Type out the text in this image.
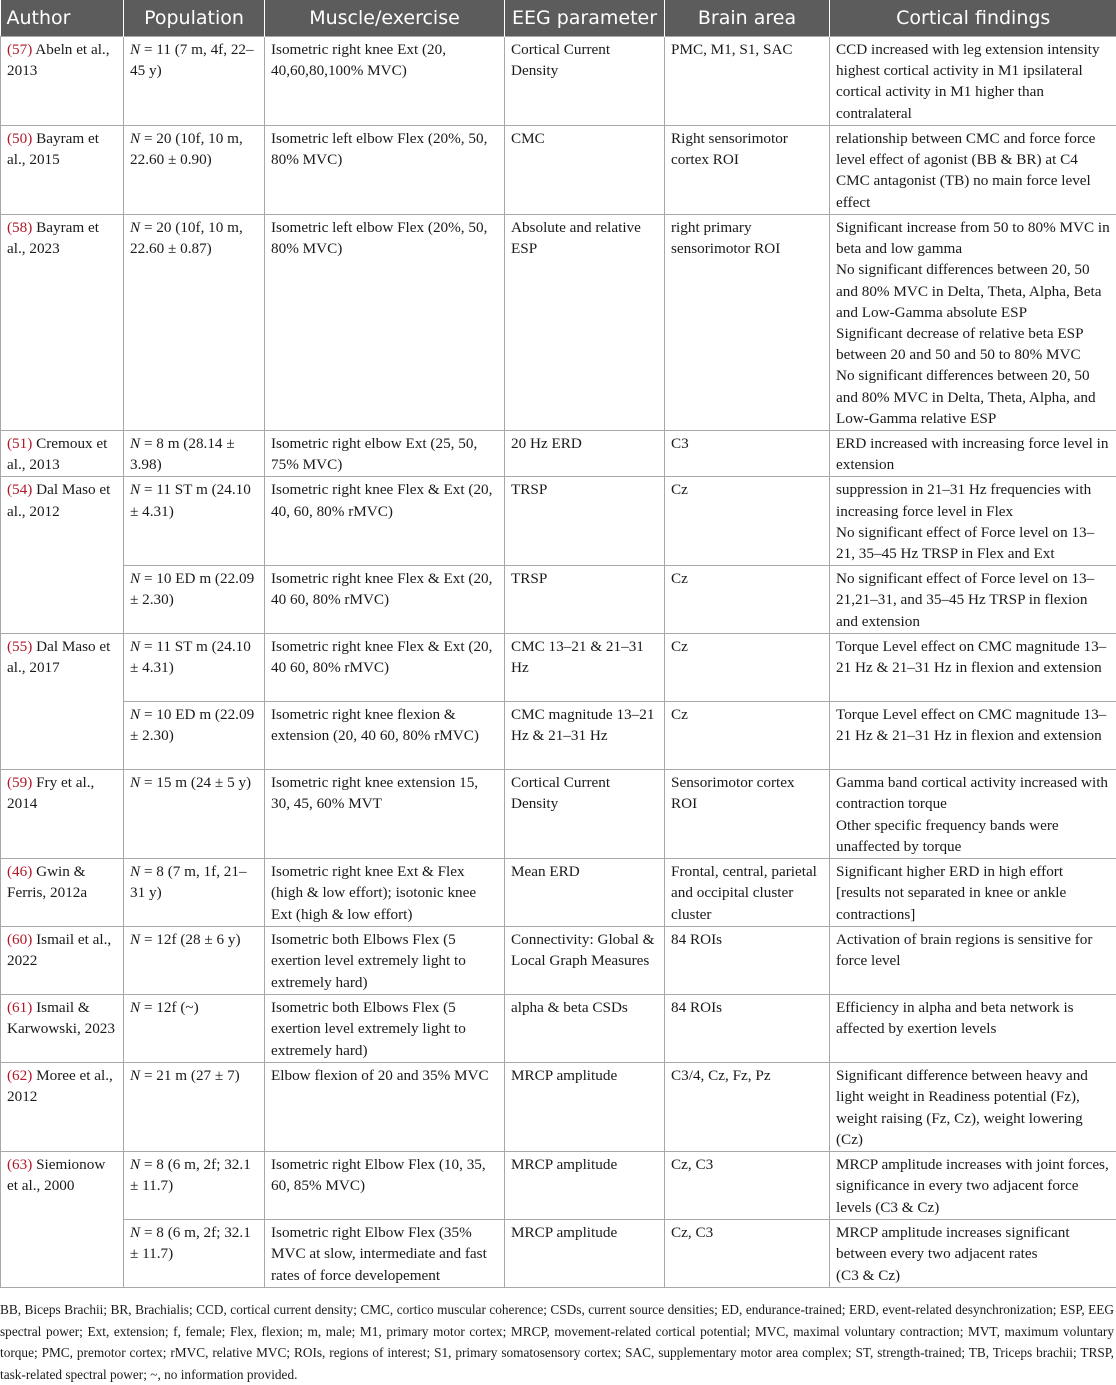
Author	Population	Muscle/exercise	EEG parameter	Brain area	Cortical findings
(57) Abeln et al., 2013	N = 11 (7 m, 4f, 22–45 y)	Isometric right knee Ext (20, 40,60,80,100% MVC)	Cortical Current Density	PMC, M1, S1, SAC	CCD increased with leg extension intensity
highest cortical activity in M1 ipsilateral
cortical activity in M1 higher than contralateral

(50) Bayram et al., 2015	N = 20 (10f, 10 m, 22.60 ± 0.90)	Isometric left elbow Flex (20%, 50, 80% MVC)	CMC	Right sensorimotor cortex ROI	relationship between CMC and force force level effect of agonist (BB & BR) at C4 CMC antagonist (TB) no main force level effect

(58) Bayram et al., 2023	N = 20 (10f, 10 m, 22.60 ± 0.87)	Isometric left elbow Flex (20%, 50, 80% MVC)	Absolute and relative ESP	right primary sensorimotor ROI	Significant increase from 50 to 80% MVC in beta and low gamma
No significant differences between 20, 50 and 80% MVC in Delta, Theta, Alpha, Beta and Low-Gamma absolute ESP
Significant decrease of relative beta ESP between 20 and 50 and 50 to 80% MVC
No significant differences between 20, 50 and 80% MVC in Delta, Theta, Alpha, and Low-Gamma relative ESP

(51) Cremoux et al., 2013	N = 8 m (28.14 ± 3.98)	Isometric right elbow Ext (25, 50, 75% MVC)	20 Hz ERD	C3	ERD increased with increasing force level in extension

(54) Dal Maso et al., 2012	N = 11 ST m (24.10 ± 4.31)	Isometric right knee Flex & Ext (20, 40, 60, 80% rMVC)	TRSP	Cz	suppression in 21–31 Hz frequencies with increasing force level in Flex
No significant effect of Force level on 13–21, 35–45 Hz TRSP in Flex and Ext

	N = 10 ED m (22.09 ± 2.30)	Isometric right knee Flex & Ext (20, 40 60, 80% rMVC)	TRSP	Cz	No significant effect of Force level on 13–21,21–31, and 35–45 Hz TRSP in flexion and extension

(55) Dal Maso et al., 2017	N = 11 ST m (24.10 ± 4.31)	Isometric right knee Flex & Ext (20, 40 60, 80% rMVC)	CMC 13–21 & 21–31 Hz	Cz	Torque Level effect on CMC magnitude 13–21 Hz & 21–31 Hz in flexion and extension

	N = 10 ED m (22.09 ± 2.30)	Isometric right knee flexion & extension (20, 40 60, 80% rMVC)	CMC magnitude 13–21 Hz & 21–31 Hz	Cz	Torque Level effect on CMC magnitude 13–21 Hz & 21–31 Hz in flexion and extension

(59) Fry et al., 2014	N = 15 m (24 ± 5 y)	Isometric right knee extension 15, 30, 45, 60% MVT	Cortical Current Density	Sensorimotor cortex ROI	Gamma band cortical activity increased with contraction torque
Other specific frequency bands were unaffected by torque

(46) Gwin & Ferris, 2012a	N = 8 (7 m, 1f, 21–31 y)	Isometric right knee Ext & Flex (high & low effort); isotonic knee Ext (high & low effort)	Mean ERD	Frontal, central, parietal and occipital cluster cluster	Significant higher ERD in high effort [results not separated in knee or ankle contractions]

(60) Ismail et al., 2022	N = 12f (28 ± 6 y)	Isometric both Elbows Flex (5 exertion level extremely light to extremely hard)	Connectivity: Global & Local Graph Measures	84 ROIs	Activation of brain regions is sensitive for force level

(61) Ismail & Karwowski, 2023	N = 12f (~)	Isometric both Elbows Flex (5 exertion level extremely light to extremely hard)	alpha & beta CSDs	84 ROIs	Efficiency in alpha and beta network is affected by exertion levels

(62) Moree et al., 2012	N = 21 m (27 ± 7)	Elbow flexion of 20 and 35% MVC	MRCP amplitude	C3/4, Cz, Fz, Pz	Significant difference between heavy and light weight in Readiness potential (Fz), weight raising (Fz, Cz), weight lowering (Cz)

(63) Siemionow et al., 2000	N = 8 (6 m, 2f; 32.1 ± 11.7)	Isometric right Elbow Flex (10, 35, 60, 85% MVC)	MRCP amplitude	Cz, C3	MRCP amplitude increases with joint forces, significance in every two adjacent force levels (C3 & Cz)

	N = 8 (6 m, 2f; 32.1 ± 11.7)	Isometric right Elbow Flex (35% MVC at slow, intermediate and fast rates of force developement	MRCP amplitude	Cz, C3	MRCP amplitude increases significant between every two adjacent rates
(C3 & Cz)
BB, Biceps Brachii; BR, Brachialis; CCD, cortical current density; CMC, cortico muscular coherence; CSDs, current source densities; ED, endurance-trained; ERD, event-related desynchronization; ESP, EEG spectral power; Ext, extension; f, female; Flex, flexion; m, male; M1, primary motor cortex; MRCP, movement-related cortical potential; MVC, maximal voluntary contraction; MVT, maximum voluntary torque; PMC, premotor cortex; rMVC, relative MVC; ROIs, regions of interest; S1, primary somatosensory cortex; SAC, supplementary motor area complex; ST, strength-trained; TB, Triceps brachii; TRSP, task-related spectral power; ~, no information provided.
